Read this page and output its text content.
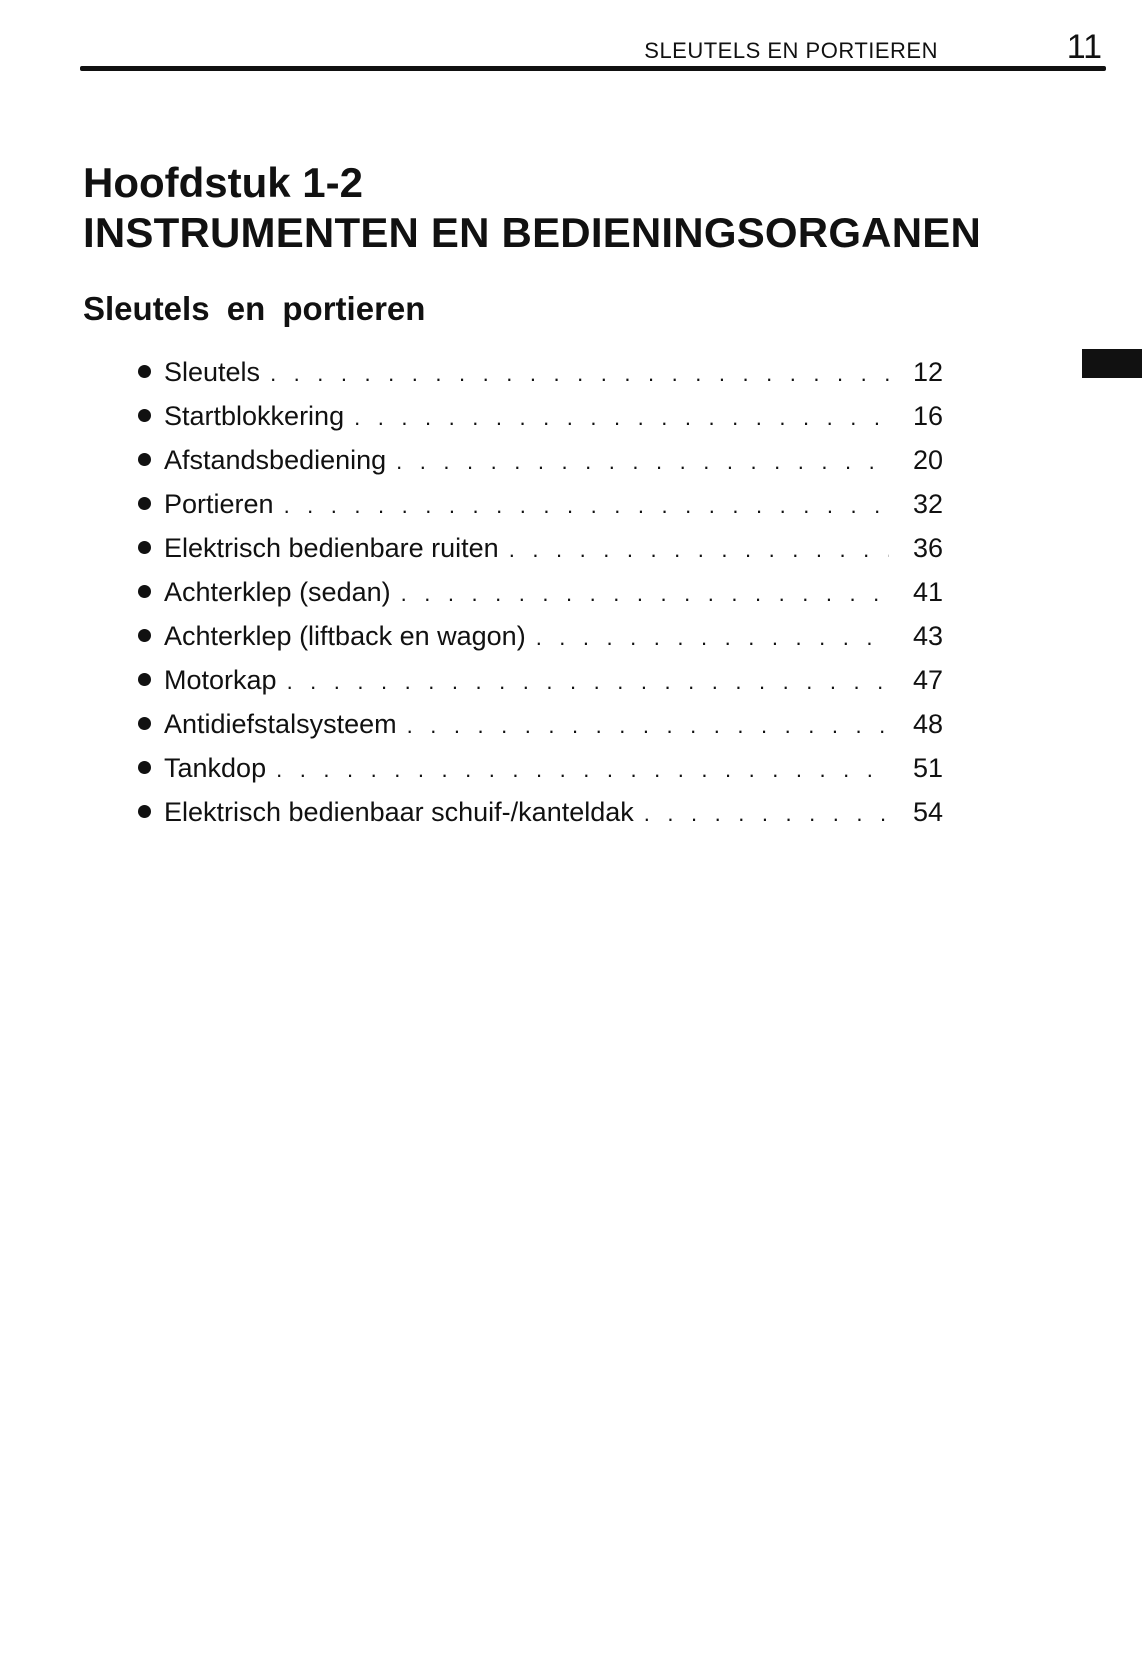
SLEUTELS EN PORTIEREN	11
Hoofdstuk 1-2
INSTRUMENTEN EN BEDIENINGSORGANEN
Sleutels en portieren
Sleutels . . .	12
Startblokkering . . .	16
Afstandsbediening . . .	20
Portieren . . .	32
Elektrisch bedienbare ruiten . . .	36
Achterklep (sedan) . . .	41
Achterklep (liftback en wagon) . . .	43
Motorkap . . .	47
Antidiefstalsysteem . . .	48
Tankdop . . .	51
Elektrisch bedienbaar schuif-/kanteldak . . .	54
